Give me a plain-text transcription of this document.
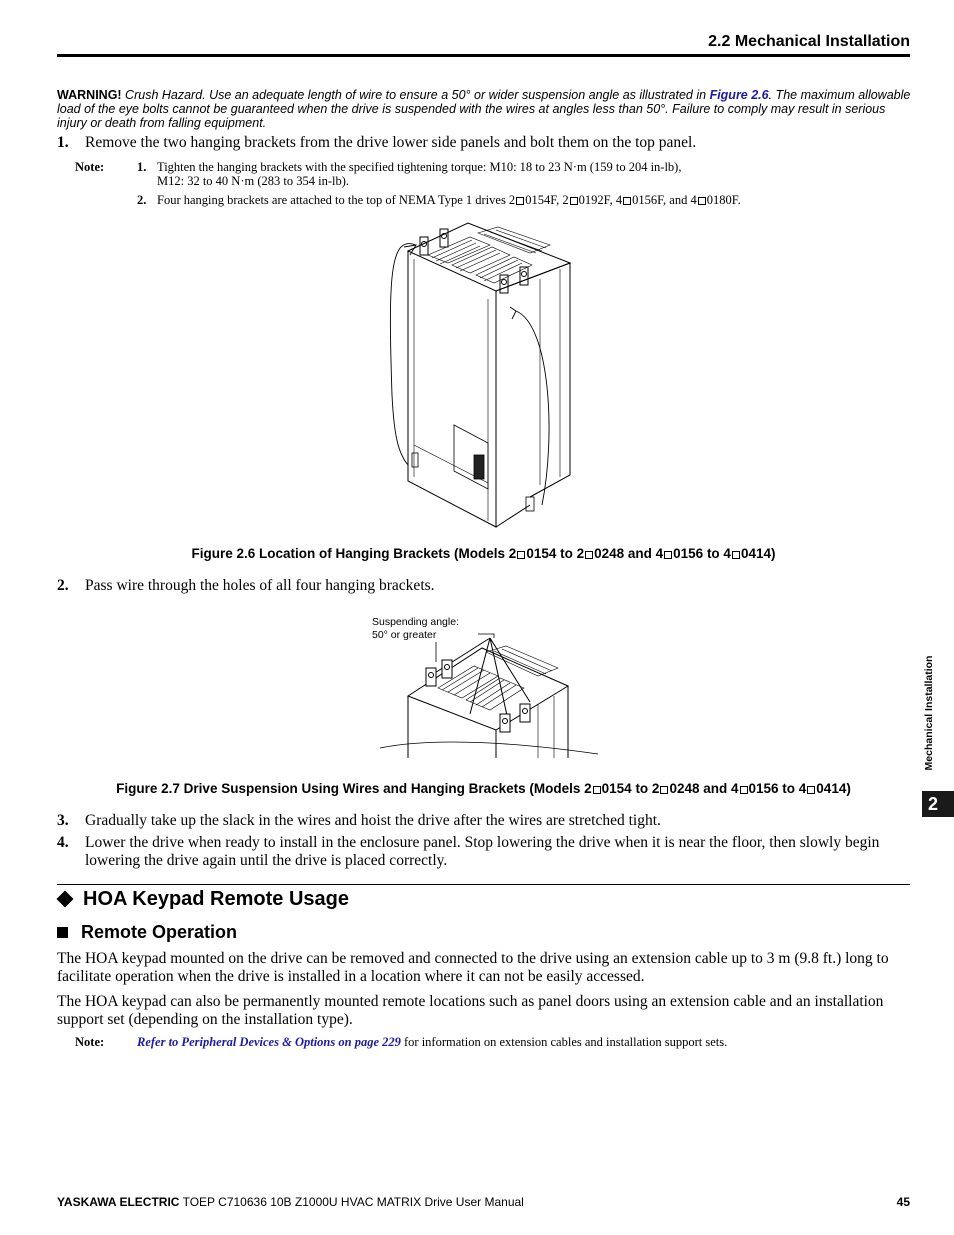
2.2 Mechanical Installation
WARNING! Crush Hazard. Use an adequate length of wire to ensure a 50° or wider suspension angle as illustrated in Figure 2.6. The maximum allowable load of the eye bolts cannot be guaranteed when the drive is suspended with the wires at angles less than 50°. Failure to comply may result in serious injury or death from falling equipment.
1. Remove the two hanging brackets from the drive lower side panels and bolt them on the top panel.
Note:	1. Tighten the hanging brackets with the specified tightening torque: M10: 18 to 23 N·m (159 to 204 in-lb),
M12: 32 to 40 N·m (283 to 354 in-lb).
2. Four hanging brackets are attached to the top of NEMA Type 1 drives 2 0154F, 2 0192F, 4 0156F, and 4 0180F.
Figure 2.6 Location of Hanging Brackets (Models 2 0154 to 2 0248 and 4 0156 to 4 0414)
2. Pass wire through the holes of all four hanging brackets.
Suspending angle:
50° or greater
Figure 2.7 Drive Suspension Using Wires and Hanging Brackets (Models 2 0154 to 2 0248 and 4 0156 to 4 0414)
3. Gradually take up the slack in the wires and hoist the drive after the wires are stretched tight.
4. Lower the drive when ready to install in the enclosure panel. Stop lowering the drive when it is near the floor, then slowly begin lowering the drive again until the drive is placed correctly.
HOA Keypad Remote Usage
Remote Operation
The HOA keypad mounted on the drive can be removed and connected to the drive using an extension cable up to 3 m (9.8 ft.) long to facilitate operation when the drive is installed in a location where it can not be easily accessed.
The HOA keypad can also be permanently mounted remote locations such as panel doors using an extension cable and an installation support set (depending on the installation type).
Note:	Refer to Peripheral Devices & Options on page 229 for information on extension cables and installation support sets.
Mechanical Installation
2
YASKAWA ELECTRIC TOEP C710636 10B Z1000U HVAC MATRIX Drive User Manual	45
